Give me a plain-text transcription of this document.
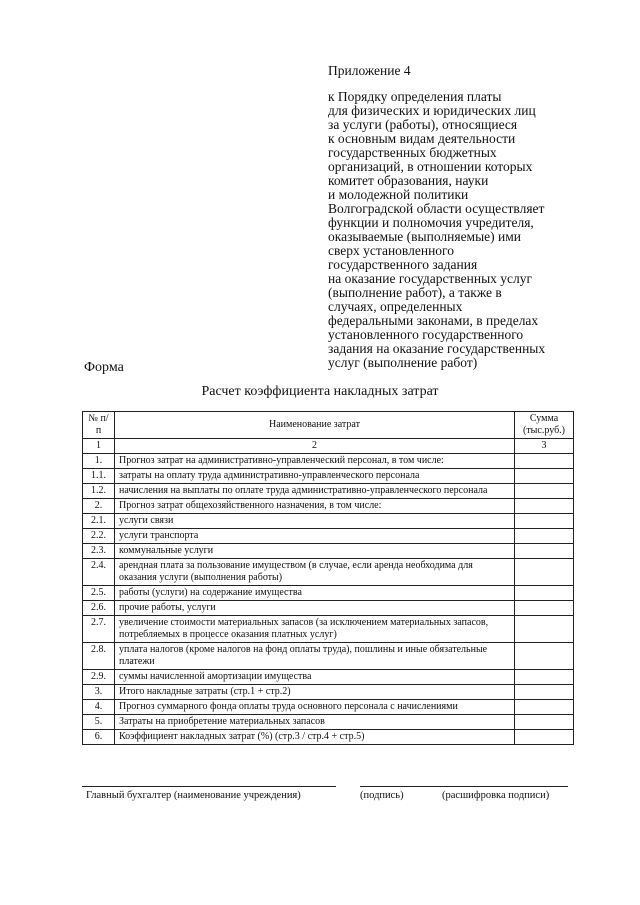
Приложение 4
к Порядку определения платы
для физических и юридических лиц
за услуги (работы), относящиеся
к основным видам деятельности
государственных бюджетных
организаций, в отношении которых
комитет образования, науки
и молодежной политики
Волгоградской области осуществляет
функции и полномочия учредителя,
оказываемые (выполняемые) ими
сверх установленного
государственного задания
на оказание государственных услуг
(выполнение работ), а также в
случаях, определенных
федеральными законами, в пределах
установленного государственного
задания на оказание государственных
услуг (выполнение работ)
Форма
Расчет коэффициента накладных затрат
№ п/п	Наименование затрат	Сумма (тыс.руб.)
1	2	3
1.	Прогноз затрат на административно-управленческий персонал, в том числе:	
1.1.	затраты на оплату труда административно-управленческого персонала	
1.2.	начисления на выплаты по оплате труда административно-управленческого персонала	
2.	Прогноз затрат общехозяйственного назначения, в том числе:	
2.1.	услуги связи	
2.2.	услуги транспорта	
2.3.	коммунальные услуги	
2.4.	арендная плата за пользование имуществом (в случае, если аренда необходима для оказания услуги (выполнения работы)	
2.5.	работы (услуги) на содержание имущества	
2.6.	прочие работы, услуги	
2.7.	увеличение стоимости материальных запасов (за исключением материальных запасов, потребляемых в процессе оказания платных услуг)	
2.8.	уплата налогов (кроме налогов на фонд оплаты труда), пошлины и иные обязательные платежи	
2.9.	суммы начисленной амортизации имущества	
3.	Итого накладные затраты (стр.1 + стр.2)	
4.	Прогноз суммарного фонда оплаты труда основного персонала с начислениями	
5.	Затраты на приобретение материальных запасов	
6.	Коэффициент накладных затрат (%) (стр.3 / стр.4 + стр.5)	
Главный бухгалтер (наименование учреждения)	(подпись)	(расшифровка подписи)
